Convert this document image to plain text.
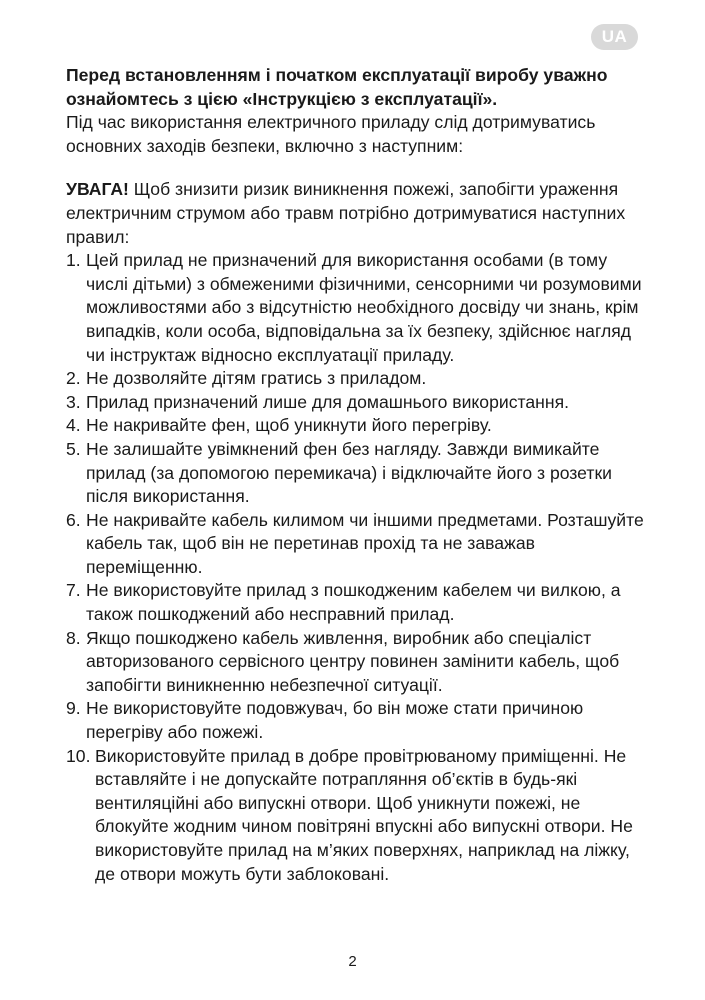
UA

Перед встановленням і початком експлуатації виробу уважно ознайомтесь з цією «Інструкцією з експлуатації».

Під час використання електричного приладу слід дотримуватись основних заходів безпеки, включно з наступним:

УВАГА! Щоб знизити ризик виникнення пожежі, запобігти ураження електричним струмом або травм потрібно дотримуватися наступних правил:

1. Цей прилад не призначений для використання особами (в тому числі дітьми) з обмеженими фізичними, сенсорними чи розумовими можливостями або з відсутністю необхідного досвіду чи знань, крім випадків, коли особа, відповідальна за їх безпеку, здійснює нагляд чи інструктаж відносно експлуатації приладу.
2. Не дозволяйте дітям гратись з приладом.
3. Прилад призначений лише для домашнього використання.
4. Не накривайте фен, щоб уникнути його перегріву.
5. Не залишайте увімкнений фен без нагляду. Завжди вимикайте прилад (за допомогою перемикача) і відключайте його з розетки після використання.
6. Не накривайте кабель килимом чи іншими предметами. Розташуйте кабель так, щоб він не перетинав прохід та не заважав переміщенню.
7. Не використовуйте прилад з пошкодженим кабелем чи вилкою, а також пошкоджений або несправний прилад.
8. Якщо пошкоджено кабель живлення, виробник або спеціаліст авторизованого сервісного центру повинен замінити кабель, щоб запобігти виникненню небезпечної ситуації.
9. Не використовуйте подовжувач, бо він може стати причиною перегріву або пожежі.
10. Використовуйте прилад в добре провітрюваному приміщенні. Не вставляйте і не допускайте потрапляння об’єктів в будь-які вентиляційні або випускні отвори. Щоб уникнути пожежі, не блокуйте жодним чином повітряні впускні або випускні отвори. Не використовуйте прилад на м’яких поверхнях, наприклад на ліжку, де отвори можуть бути заблоковані.
2
